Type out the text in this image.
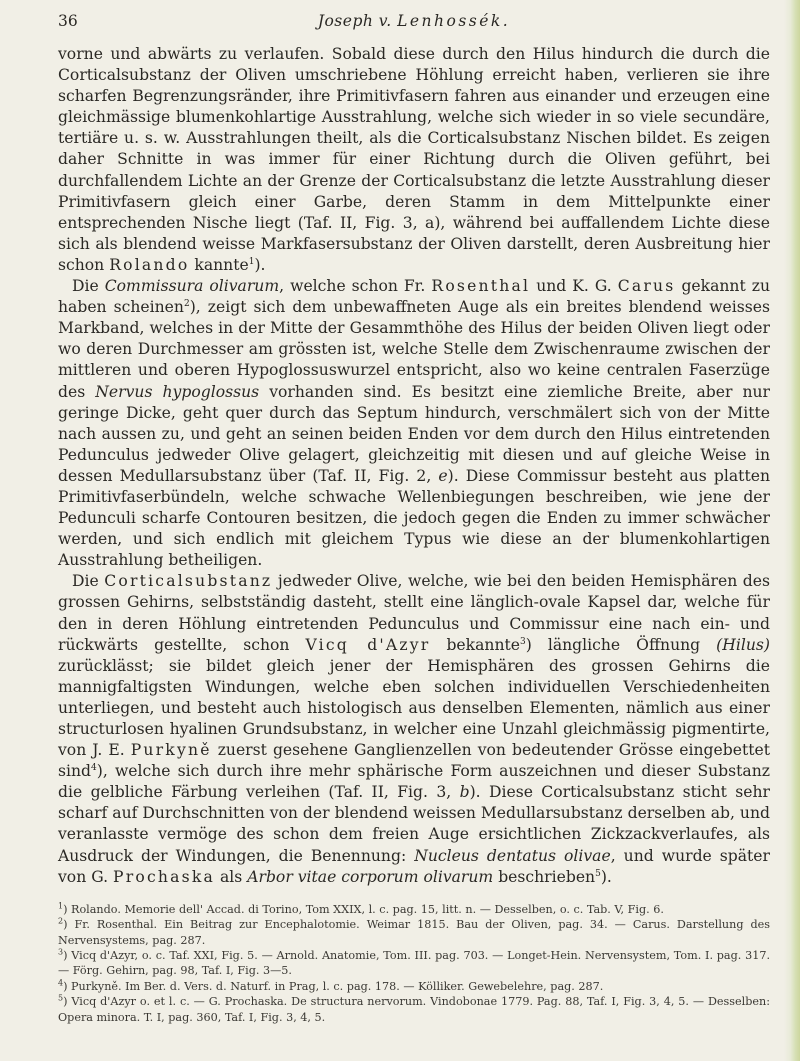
36	Joseph v. Lenhossék.

vorne und abwärts zu verlaufen. Sobald diese durch den Hilus hindurch die durch die Corticalsubstanz der Oliven umschriebene Höhlung erreicht haben, verlieren sie ihre scharfen Begrenzungsränder, ihre Primitivfasern fahren aus einander und erzeugen eine gleichmässige blumenkohlartige Ausstrahlung, welche sich wieder in so viele secundäre, tertiäre u. s. w. Ausstrahlungen theilt, als die Corticalsubstanz Nischen bildet. Es zeigen daher Schnitte in was immer für einer Richtung durch die Oliven geführt, bei durchfallendem Lichte an der Grenze der Corticalsubstanz die letzte Ausstrahlung dieser Primitivfasern gleich einer Garbe, deren Stamm in dem Mittelpunkte einer entsprechenden Nische liegt (Taf. II, Fig. 3, a), während bei auffallendem Lichte diese sich als blendend weisse Markfasersubstanz der Oliven darstellt, deren Ausbreitung hier schon Rolando kannte$^1$).

Die Commissura olivarum, welche schon Fr. Rosenthal und K. G. Carus gekannt zu haben scheinen$^2$), zeigt sich dem unbewaffneten Auge als ein breites blendend weisses Markband, welches in der Mitte der Gesammthöhe des Hilus der beiden Oliven liegt oder wo deren Durchmesser am grössten ist, welche Stelle dem Zwischenraume zwischen der mittleren und oberen Hypoglossuswurzel entspricht, also wo keine centralen Faserzüge des Nervus hypoglossus vorhanden sind. Es besitzt eine ziemliche Breite, aber nur geringe Dicke, geht quer durch das Septum hindurch, verschmälert sich von der Mitte nach aussen zu, und geht an seinen beiden Enden vor dem durch den Hilus eintretenden Pedunculus jedweder Olive gelagert, gleichzeitig mit diesen und auf gleiche Weise in dessen Medullarsubstanz über (Taf. II, Fig. 2, e). Diese Commissur besteht aus platten Primitivfaserbündeln, welche schwache Wellenbiegungen beschreiben, wie jene der Pedunculi scharfe Contouren besitzen, die jedoch gegen die Enden zu immer schwächer werden, und sich endlich mit gleichem Typus wie diese an der blumenkohlartigen Ausstrahlung betheiligen.

Die Corticalsubstanz jedweder Olive, welche, wie bei den beiden Hemisphären des grossen Gehirns, selbstständig dasteht, stellt eine länglich-ovale Kapsel dar, welche für den in deren Höhlung eintretenden Pedunculus und Commissur eine nach ein- und rückwärts gestellte, schon Vicq d'Azyr bekannte$^3$) längliche Öffnung (Hilus) zurücklässt; sie bildet gleich jener der Hemisphären des grossen Gehirns die mannigfaltigsten Windungen, welche eben solchen individuellen Verschiedenheiten unterliegen, und besteht auch histologisch aus denselben Elementen, nämlich aus einer structurlosen hyalinen Grundsubstanz, in welcher eine Unzahl gleichmässig pigmentirte, von J. E. Purkyně zuerst gesehene Ganglienzellen von bedeutender Grösse eingebettet sind$^4$), welche sich durch ihre mehr sphärische Form auszeichnen und dieser Substanz die gelbliche Färbung verleihen (Taf. II, Fig. 3, b). Diese Corticalsubstanz sticht sehr scharf auf Durchschnitten von der blendend weissen Medullarsubstanz derselben ab, und veranlasste vermöge des schon dem freien Auge ersichtlichen Zickzackverlaufes, als Ausdruck der Windungen, die Benennung: Nucleus dentatus olivae, und wurde später von G. Prochaska als Arbor vitae corporum olivarum beschrieben$^5$).

$^1$) Rolando. Memorie dell' Accad. di Torino, Tom XXIX, l. c. pag. 15, litt. n. — Desselben, o. c. Tab. V, Fig. 6.

$^2$) Fr. Rosenthal. Ein Beitrag zur Encephalotomie. Weimar 1815. Bau der Oliven, pag. 34. — Carus. Darstellung des Nervensystems, pag. 287.

$^3$) Vicq d'Azyr, o. c. Taf. XXI, Fig. 5. — Arnold. Anatomie, Tom. III. pag. 703. — Longet-Hein. Nervensystem, Tom. I. pag. 317. — Förg. Gehirn, pag. 98, Taf. I, Fig. 3—5.

$^4$) Purkyně. Im Ber. d. Vers. d. Naturf. in Prag, l. c. pag. 178. — Kölliker. Gewebelehre, pag. 287.

$^5$) Vicq d'Azyr o. et l. c. — G. Prochaska. De structura nervorum. Vindobonae 1779. Pag. 88, Taf. I, Fig. 3, 4, 5. — Desselben: Opera minora. T. I, pag. 360, Taf. I, Fig. 3, 4, 5.
